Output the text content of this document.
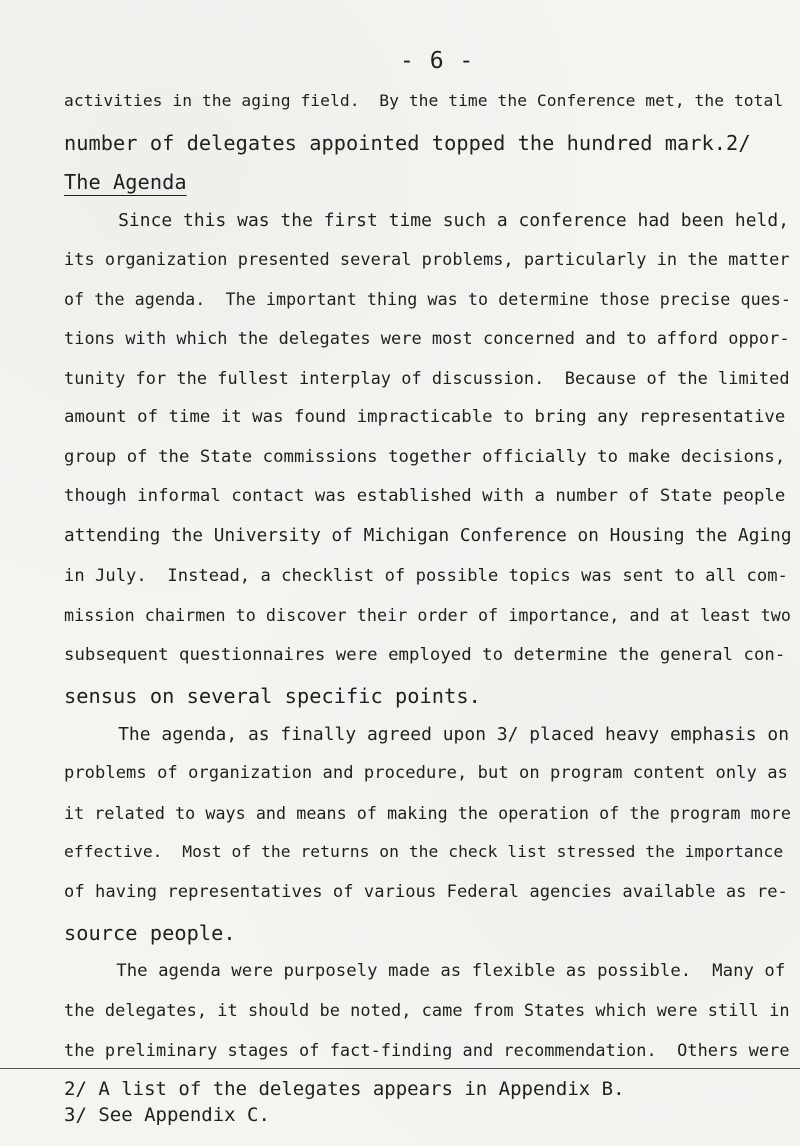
- 6 -
activities in the aging field.  By the time the Conference met, the total
number of delegates appointed topped the hundred mark.2/
The Agenda
Since this was the first time such a conference had been held,
its organization presented several problems, particularly in the matter
of the agenda.  The important thing was to determine those precise ques-
tions with which the delegates were most concerned and to afford oppor-
tunity for the fullest interplay of discussion.  Because of the limited
amount of time it was found impracticable to bring any representative
group of the State commissions together officially to make decisions,
though informal contact was established with a number of State people
attending the University of Michigan Conference on Housing the Aging
in July.  Instead, a checklist of possible topics was sent to all com-
mission chairmen to discover their order of importance, and at least two
subsequent questionnaires were employed to determine the general con-
sensus on several specific points.
The agenda, as finally agreed upon 3/ placed heavy emphasis on
problems of organization and procedure, but on program content only as
it related to ways and means of making the operation of the program more
effective.  Most of the returns on the check list stressed the importance
of having representatives of various Federal agencies available as re-
source people.
The agenda were purposely made as flexible as possible.  Many of
the delegates, it should be noted, came from States which were still in
the preliminary stages of fact-finding and recommendation.  Others were
2/ A list of the delegates appears in Appendix B.
3/ See Appendix C.
